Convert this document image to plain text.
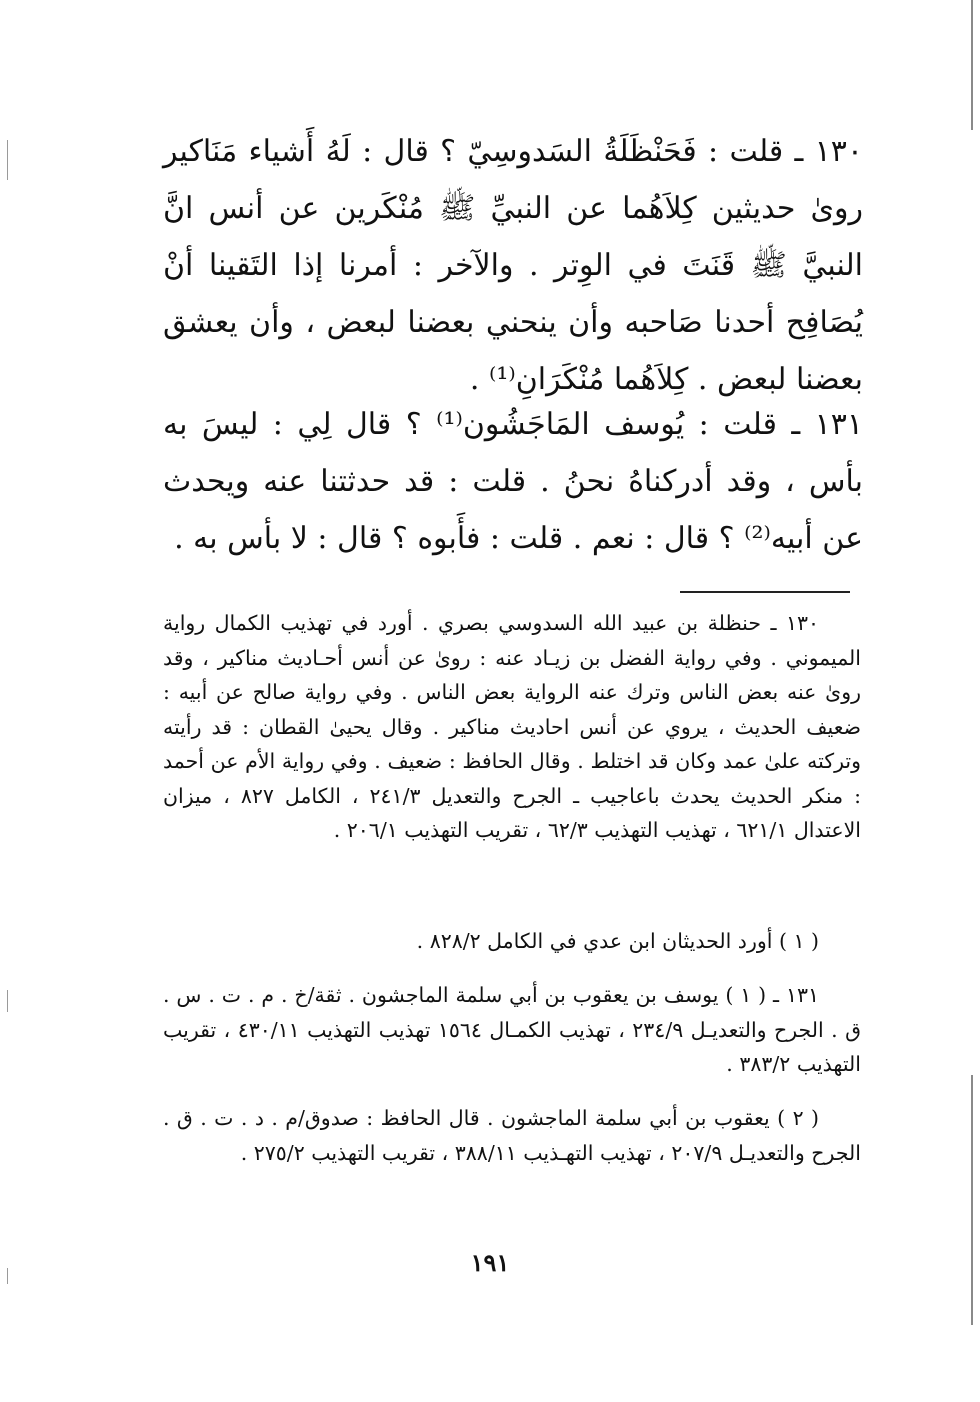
١٣٠ ـ قلت : فَحَنْظَلَةُ السَدوسِيّ ؟ قال : لَهُ أَشياء مَنَاكير روىٰ حديثين كِلاَهُما عن النبيِّ ﷺ مُنْكَرين عن أنس انَّ النبيَّ ﷺ قَنَتَ في الوِتر . والآخر : أمرنا إذا التَقينا أنْ يُصَافِح أحدنا صَاحبه وأن ينحني بعضنا لبعض ، وأن يعشق بعضنا لبعض . كِلاَهُما مُنْكَرَانِ⁽¹⁾ .

١٣١ ـ قلت : يُوسف المَاجَشُون⁽¹⁾ ؟ قال لِي : ليسَ به بأس ، وقد أدركناهُ نحنُ . قلت : قد حدثتنا عنه ويحدث عن أبيه⁽²⁾ ؟ قال : نعم . قلت : فأَبوه ؟ قال : لا بأس به .

١٣٠ ـ حنظلة بن عبيد الله السدوسي بصري . أورد في تهذيب الكمال رواية الميموني . وفي رواية الفضل بن زيـاد عنه : روىٰ عن أنس أحـاديث مناكير ، وقد روىٰ عنه بعض الناس وترك عنه الرواية بعض الناس . وفي رواية صالح عن أبيه : ضعيف الحديث ، يروي عن أنس احاديث مناكير . وقال يحيىٰ القطان : قد رأيته وتركته علىٰ عمد وكان قد اختلط . وقال الحافظ : ضعيف . وفي رواية الأم عن أحمد : منكر الحديث يحدث باعاجيب ـ الجرح والتعديل ٢٤١/٣ ، الكامل ٨٢٧ ، ميزان الاعتدال ٦٢١/١ ، تهذيب التهذيب ٦٢/٣ ، تقريب التهذيب ٢٠٦/١ .

( ١ ) أورد الحديثان ابن عدي في الكامل ٨٢٨/٢ .

١٣١ ـ ( ١ ) يوسف بن يعقوب بن أبي سلمة الماجشون . ثقة/خ . م . ت . س . ق . الجرح والتعديـل ٢٣٤/٩ ، تهذيب الكمـال ١٥٦٤ تهذيب التهذيب ٤٣٠/١١ ، تقريب التهذيب ٣٨٣/٢ .

( ٢ ) يعقوب بن أبي سلمة الماجشون . قال الحافظ : صدوق/م . د . ت . ق . الجرح والتعديـل ٢٠٧/٩ ، تهذيب التهـذيب ٣٨٨/١١ ، تقريب التهذيب ٢٧٥/٢ .

١٩١
